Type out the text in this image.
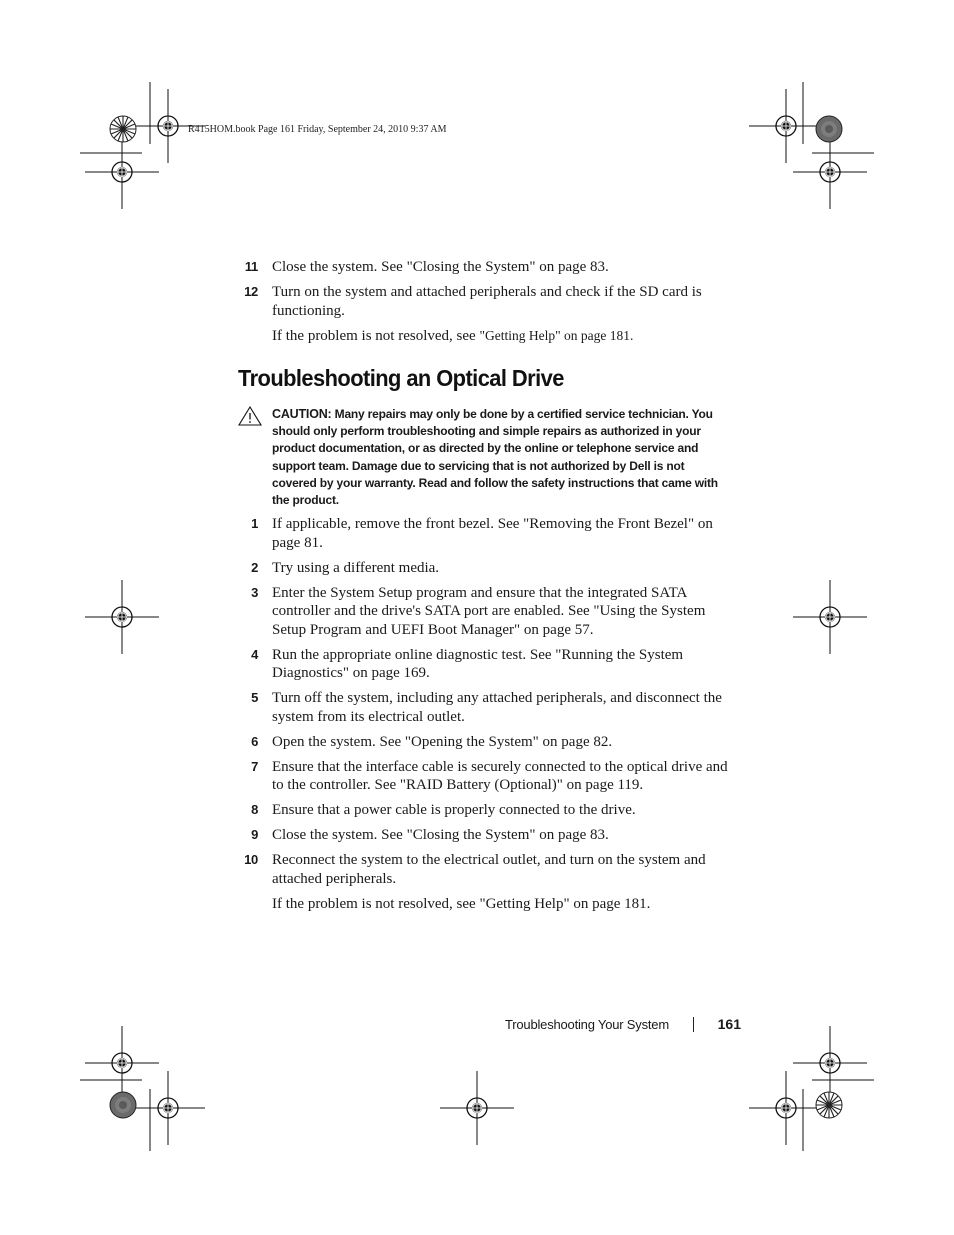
R415HOM.book Page 161 Friday, September 24, 2010 9:37 AM
11 Close the system. See "Closing the System" on page 83.
12 Turn on the system and attached peripherals and check if the SD card is functioning.
If the problem is not resolved, see "Getting Help" on page 181.
Troubleshooting an Optical Drive
CAUTION: Many repairs may only be done by a certified service technician. You should only perform troubleshooting and simple repairs as authorized in your product documentation, or as directed by the online or telephone service and support team. Damage due to servicing that is not authorized by Dell is not covered by your warranty. Read and follow the safety instructions that came with the product.
1 If applicable, remove the front bezel. See "Removing the Front Bezel" on page 81.
2 Try using a different media.
3 Enter the System Setup program and ensure that the integrated SATA controller and the drive's SATA port are enabled. See "Using the System Setup Program and UEFI Boot Manager" on page 57.
4 Run the appropriate online diagnostic test. See "Running the System Diagnostics" on page 169.
5 Turn off the system, including any attached peripherals, and disconnect the system from its electrical outlet.
6 Open the system. See "Opening the System" on page 82.
7 Ensure that the interface cable is securely connected to the optical drive and to the controller. See "RAID Battery (Optional)" on page 119.
8 Ensure that a power cable is properly connected to the drive.
9 Close the system. See "Closing the System" on page 83.
10 Reconnect the system to the electrical outlet, and turn on the system and attached peripherals.
If the problem is not resolved, see "Getting Help" on page 181.
Troubleshooting Your System	161
